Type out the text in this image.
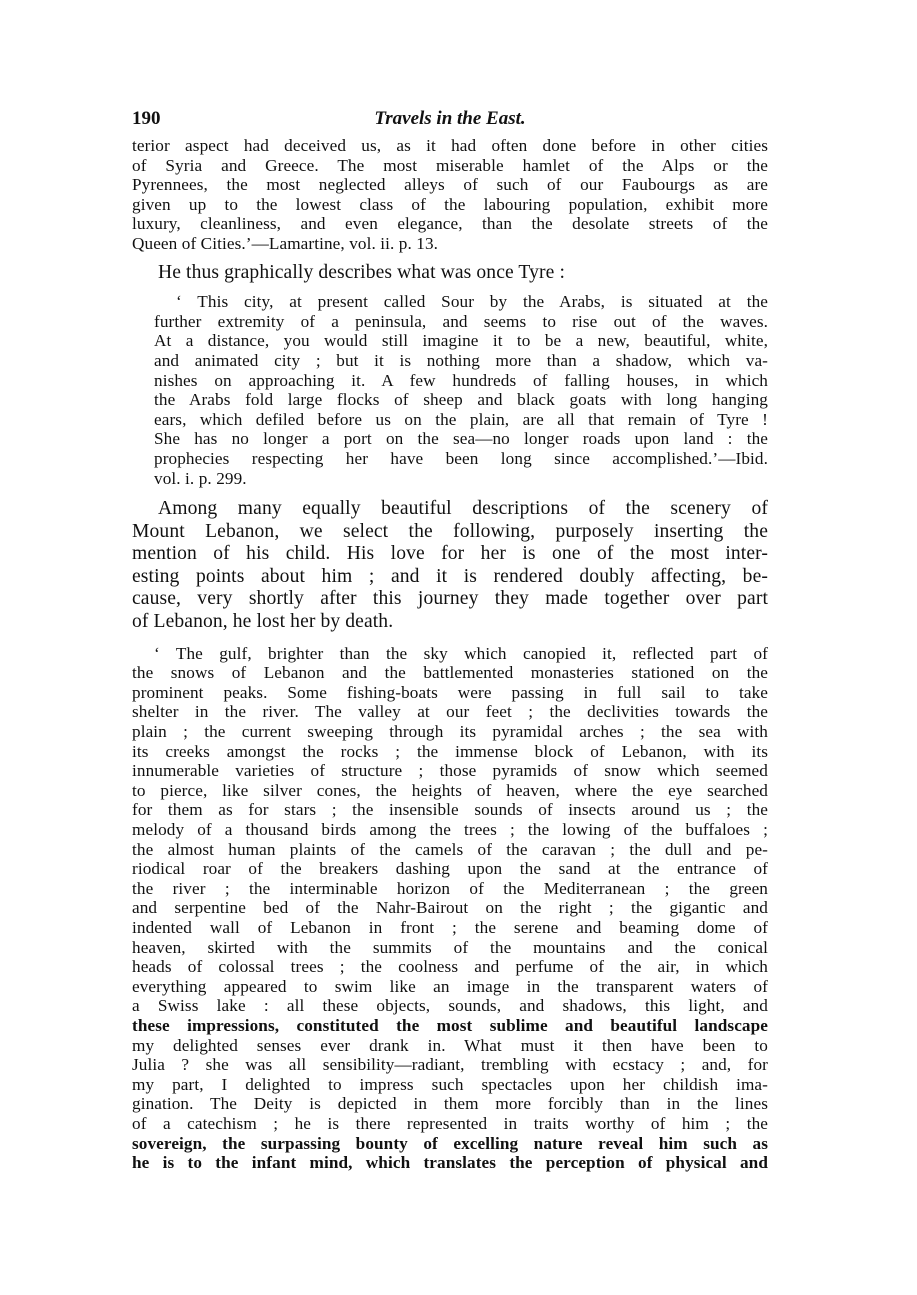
190	Travels in the East.

terior aspect had deceived us, as it had often done before in other cities
of Syria and Greece. The most miserable hamlet of the Alps or the
Pyrennees, the most neglected alleys of such of our Faubourgs as are
given up to the lowest class of the labouring population, exhibit more
luxury, cleanliness, and even elegance, than the desolate streets of the
Queen of Cities.’—Lamartine, vol. ii. p. 13.

He thus graphically describes what was once Tyre :

‘ This city, at present called Sour by the Arabs, is situated at the
further extremity of a peninsula, and seems to rise out of the waves.
At a distance, you would still imagine it to be a new, beautiful, white,
and animated city ; but it is nothing more than a shadow, which va-
nishes on approaching it. A few hundreds of falling houses, in which
the Arabs fold large flocks of sheep and black goats with long hanging
ears, which defiled before us on the plain, are all that remain of Tyre !
She has no longer a port on the sea—no longer roads upon land : the
prophecies respecting her have been long since accomplished.’—Ibid.
vol. i. p. 299.

Among many equally beautiful descriptions of the scenery of
Mount Lebanon, we select the following, purposely inserting the
mention of his child. His love for her is one of the most inter-
esting points about him ; and it is rendered doubly affecting, be-
cause, very shortly after this journey they made together over part
of Lebanon, he lost her by death.

‘ The gulf, brighter than the sky which canopied it, reflected part of
the snows of Lebanon and the battlemented monasteries stationed on the
prominent peaks. Some fishing-boats were passing in full sail to take
shelter in the river. The valley at our feet ; the declivities towards the
plain ; the current sweeping through its pyramidal arches ; the sea with
its creeks amongst the rocks ; the immense block of Lebanon, with its
innumerable varieties of structure ; those pyramids of snow which seemed
to pierce, like silver cones, the heights of heaven, where the eye searched
for them as for stars ; the insensible sounds of insects around us ; the
melody of a thousand birds among the trees ; the lowing of the buffaloes ;
the almost human plaints of the camels of the caravan ; the dull and pe-
riodical roar of the breakers dashing upon the sand at the entrance of
the river ; the interminable horizon of the Mediterranean ; the green
and serpentine bed of the Nahr-Bairout on the right ; the gigantic and
indented wall of Lebanon in front ; the serene and beaming dome of
heaven, skirted with the summits of the mountains and the conical
heads of colossal trees ; the coolness and perfume of the air, in which
everything appeared to swim like an image in the transparent waters of
a Swiss lake : all these objects, sounds, and shadows, this light, and
these impressions, constituted the most sublime and beautiful landscape
my delighted senses ever drank in. What must it then have been to
Julia ? she was all sensibility—radiant, trembling with ecstacy ; and, for
my part, I delighted to impress such spectacles upon her childish ima-
gination. The Deity is depicted in them more forcibly than in the lines
of a catechism ; he is there represented in traits worthy of him ; the
sovereign, the surpassing bounty of excelling nature reveal him such as
he is to the infant mind, which translates the perception of physical and
